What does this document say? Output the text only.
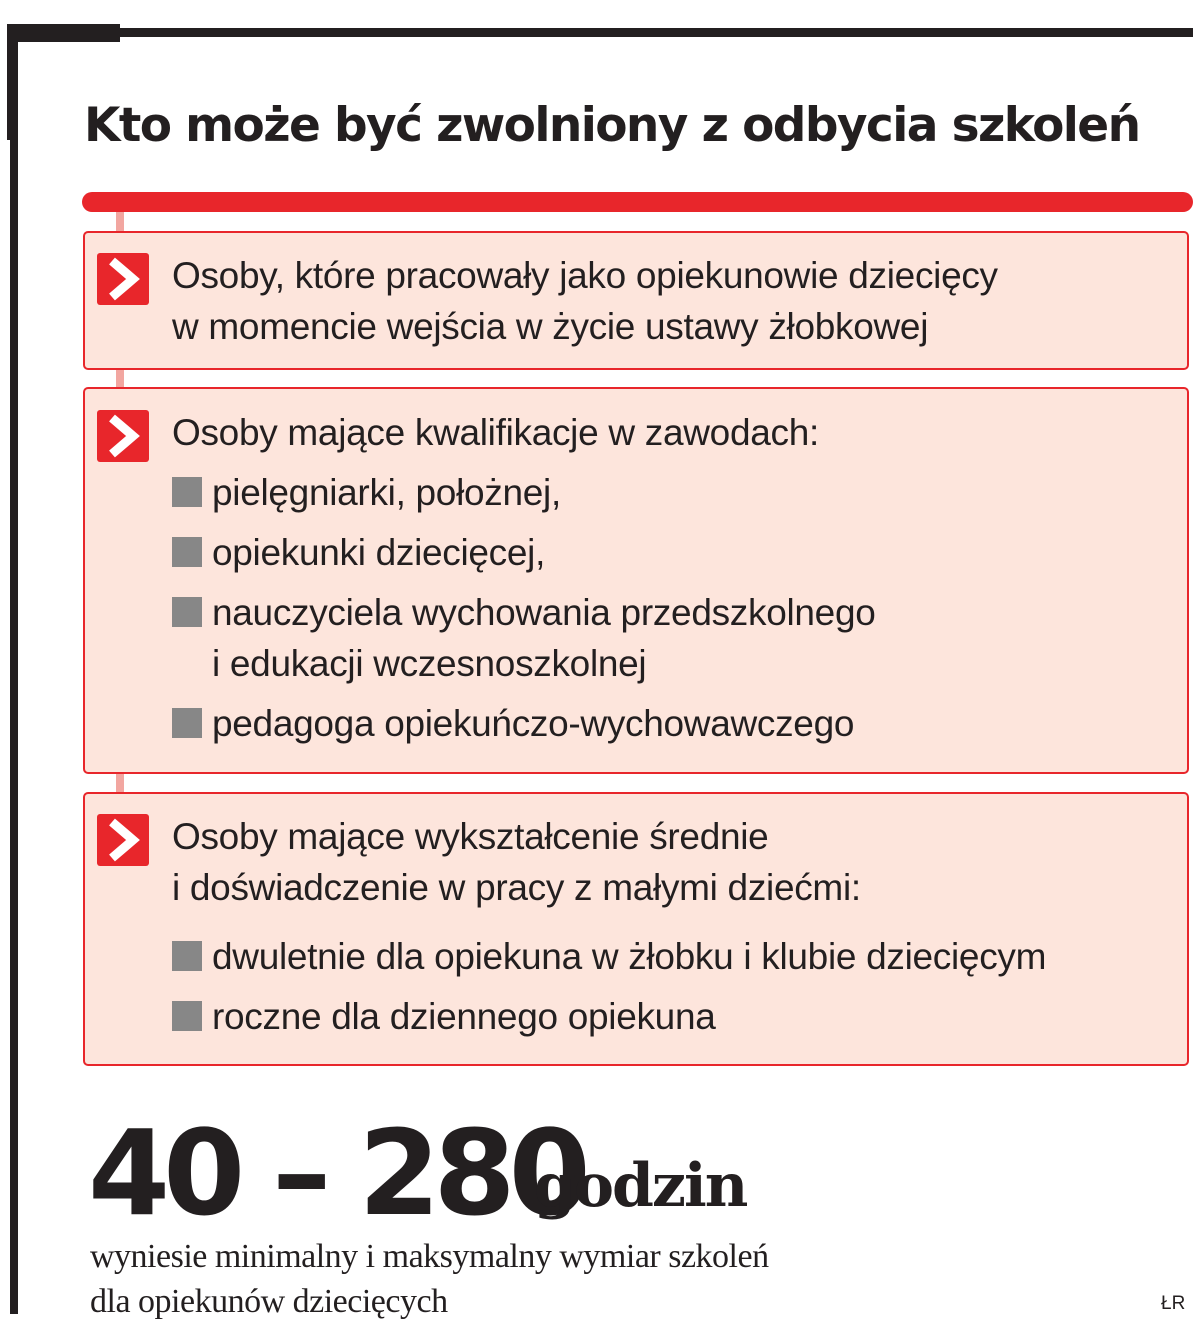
Kto może być zwolniony z odbycia szkoleń
Osoby, które pracowały jako opiekunowie dziecięcy
w momencie wejścia w życie ustawy żłobkowej
Osoby mające kwalifikacje w zawodach:
pielęgniarki, położnej,
opiekunki dziecięcej,
nauczyciela wychowania przedszkolnego
i edukacji wczesnoszkolnej
pedagoga opiekuńczo-wychowawczego
Osoby mające wykształcenie średnie
i doświadczenie w pracy z małymi dziećmi:
dwuletnie dla opiekuna w żłobku i klubie dziecięcym
roczne dla dziennego opiekuna
40 – 280
godzin
wyniesie minimalny i maksymalny wymiar szkoleń
dla opiekunów dziecięcych	ŁR
